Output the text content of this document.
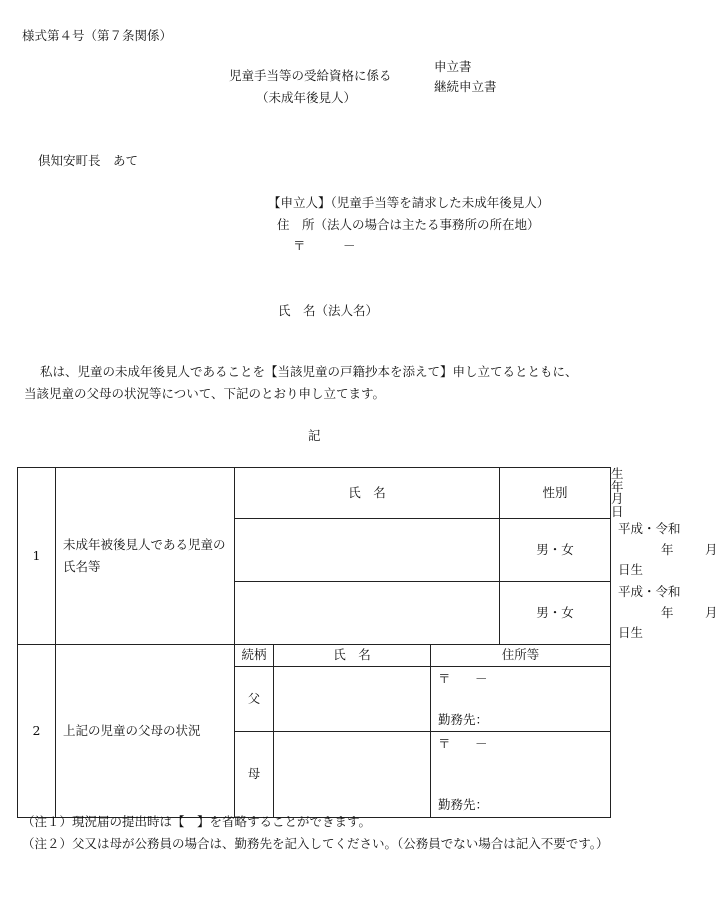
様式第４号（第７条関係）
児童手当等の受給資格に係る
（未成年後見人）
申立書
継続申立書
倶知安町長　あて
【申立人】（児童手当等を請求した未成年後見人）
住　所（法人の場合は主たる事務所の所在地）
〒	－
氏　名（法人名）
私は、児童の未成年後見人であることを【当該児童の戸籍抄本を添えて】申し立てるとともに、
当該児童の父母の状況等について、下記のとおり申し立てます。
記
1	未成年被後見人である児童の氏名等	氏　名			性別	生年月日
					男・女	平成・令和
年 月
日生

					男・女	平成・令和
年 月
日生

2	上記の児童の父母の状況	続柄	氏　名	住所等		
		父		〒 －
勤務先：		

		母		〒 －
勤務先：		
（注１）現況届の提出時は【　】を省略することができます。
（注２）父又は母が公務員の場合は、勤務先を記入してください。（公務員でない場合は記入不要です。）
